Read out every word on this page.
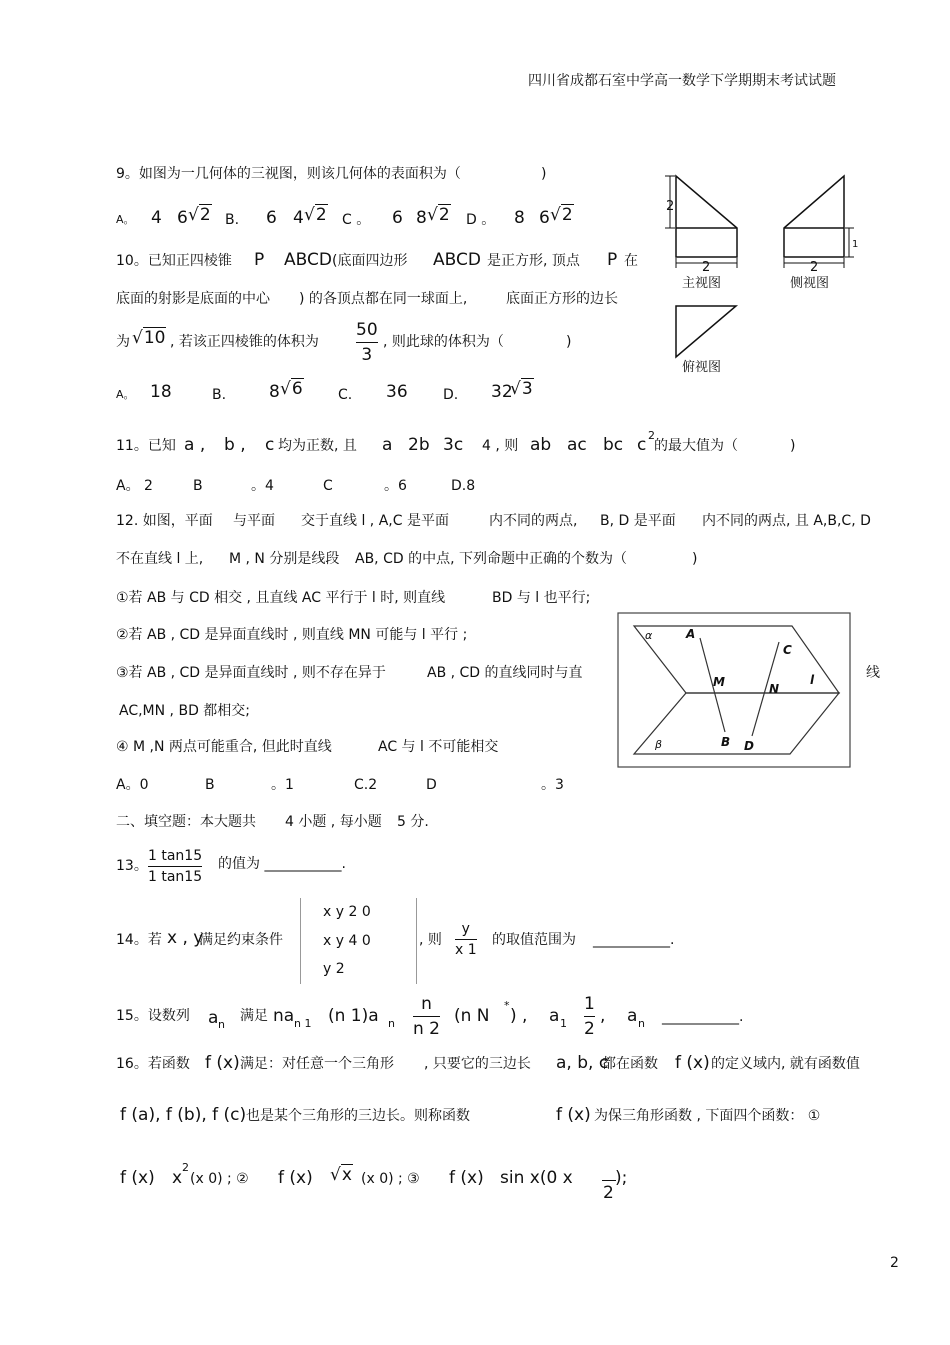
四川省成都石室中学高一数学下学期期末考试试题
9。如图为一几何体的三视图，则该几何体的表面积为（	)
A。 4 6 √2 B. 6 4 √2 C 。 6 8 √2 D 。 8 6 √2	2
2
主视图
1
2
侧视图
俯视图
10。已知正四棱锥 P ABCD (底面四边形 ABCD 是正方形, 顶点 P 在
底面的射影是底面的中心 ) 的各顶点都在同一球面上,	底面正方形的边长
为 √10 , 若该正四棱锥的体积为
50
3
, 则此球的体积为（	)
A。 18	B.	8 √6	C. 36	D. 32
√3
11。已知 a , b , c 均为正数, 且 a 2b 3c 4 , 则 ab ac bc c 2
的最大值为（	)
A。 2	B	。4	C	。6	D.8
12. 如图，平面 与平面 交于直线 l , A,C 是平面	内不同的两点, B, D 是平面 内不同的两点, 且 A,B,C, D
不在直线 l 上, M , N 分别是线段 AB, CD 的中点, 下列命题中正确的个数为（	)
①若 AB 与 CD 相交 , 且直线 AC 平行于 l 时, 则直线	BD 与 l 也平行;
②若 AB , CD 是异面直线时 , 则直线 MN 可能与 l 平行 ;
③若 AB , CD 是异面直线时 , 则不存在异于	AB , CD 的直线同时与直	线
AC,MN , BD 都相交;
④ M ,N 两点可能重合, 但此时直线	AC 与 l 不可能相交
A。0	B	。1	C.2	D	。3
α	A
C
M	N
l
B D
β
二、填空题：本大题共 4 小题 , 每小题 5 分.
13。
1 tan15
1 tan15
的值为 ___________.
14。若 x , y
满足约束条件
x y 2 0
x y 4 0
y 2
, 则
y
x 1
的取值范围为 ___________.
15。设数列 a n
满足 na n 1 (n 1)a n
n
n 2
(n N
*
) , a 1
1
2
, a n ___________.
16。若函数 f (x) 满足：对任意一个三角形 , 只要它的三边长 a, b, c
都在函数 f (x) 的定义域内, 就有函数值
f (a), f (b), f (c) 也是某个三角形的三边长。则称函数	f (x) 为保三角形函数 , 下面四个函数： ①
f (x) x
2
(x 0) ; ② f (x) √x (x 0) ; ③ f (x) sin x(0 x
2
);
2
